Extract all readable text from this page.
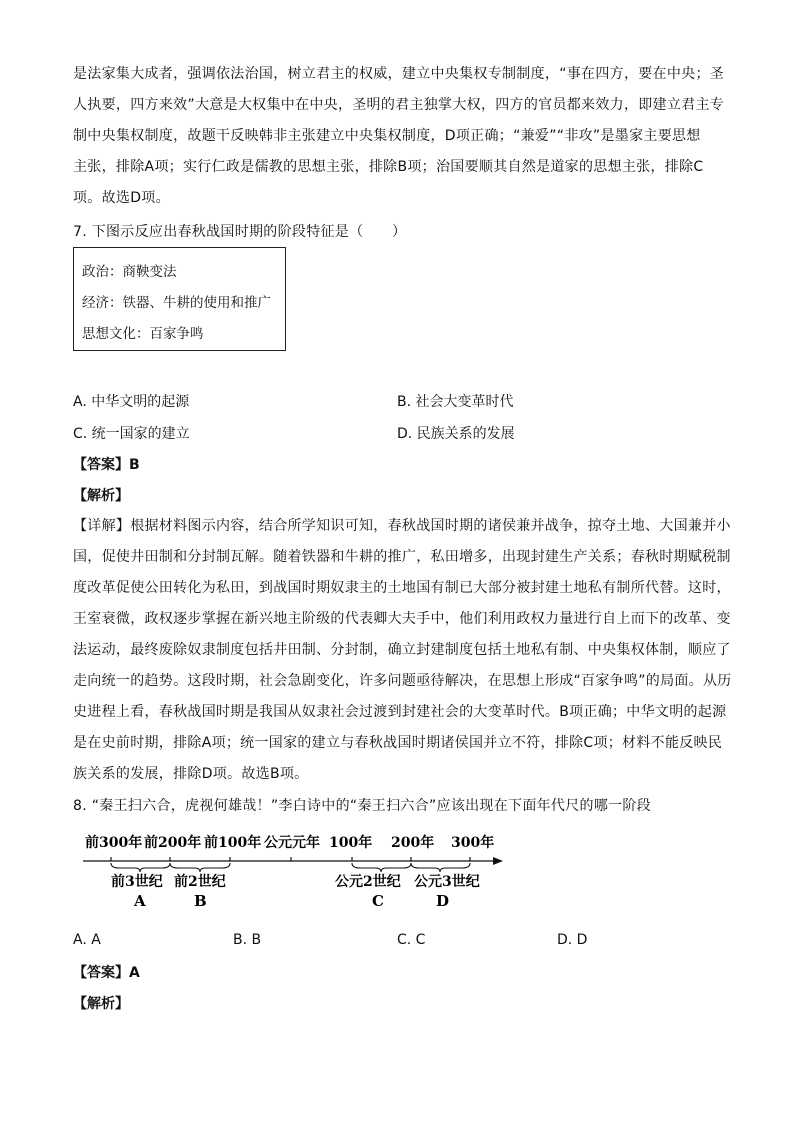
是法家集大成者，强调依法治国，树立君主的权威，建立中央集权专制制度，“事在四方，要在中央；圣
人执要，四方来效”大意是大权集中在中央，圣明的君主独掌大权，四方的官员都来效力，即建立君主专
制中央集权制度，故题干反映韩非主张建立中央集权制度，D项正确；“兼爱”“非攻”是墨家主要思想
主张，排除A项；实行仁政是儒教的思想主张，排除B项；治国要顺其自然是道家的思想主张，排除C
项。故选D项。
7. 下图示反应出春秋战国时期的阶段特征是（　　）
政治：商鞅变法
经济：铁器、牛耕的使用和推广
思想文化：百家争鸣
A. 中华文明的起源	B. 社会大变革时代
C. 统一国家的建立	D. 民族关系的发展
【答案】B
【解析】
【详解】根据材料图示内容，结合所学知识可知，春秋战国时期的诸侯兼并战争，掠夺土地、大国兼并小
国，促使井田制和分封制瓦解。随着铁器和牛耕的推广，私田增多，出现封建生产关系；春秋时期赋税制
度改革促使公田转化为私田，到战国时期奴隶主的土地国有制已大部分被封建土地私有制所代替。这时，
王室衰微，政权逐步掌握在新兴地主阶级的代表卿大夫手中，他们利用政权力量进行自上而下的改革、变
法运动，最终废除奴隶制度包括井田制、分封制，确立封建制度包括土地私有制、中央集权体制，顺应了
走向统一的趋势。这段时期，社会急剧变化，许多问题亟待解决，在思想上形成“百家争鸣”的局面。从历
史进程上看，春秋战国时期是我国从奴隶社会过渡到封建社会的大变革时代。B项正确；中华文明的起源
是在史前时期，排除A项；统一国家的建立与春秋战国时期诸侯国并立不符，排除C项；材料不能反映民
族关系的发展，排除D项。故选B项。
8. “秦王扫六合，虎视何雄哉！”李白诗中的“秦王扫六合”应该出现在下面年代尺的哪一阶段
前300年 前200年 前100年 公元元年 100年 200年 300年
前3世纪 前2世纪	公元2世纪 公元3世纪
A	B	C	D
A. A	B. B	C. C	D. D
【答案】A
【解析】
